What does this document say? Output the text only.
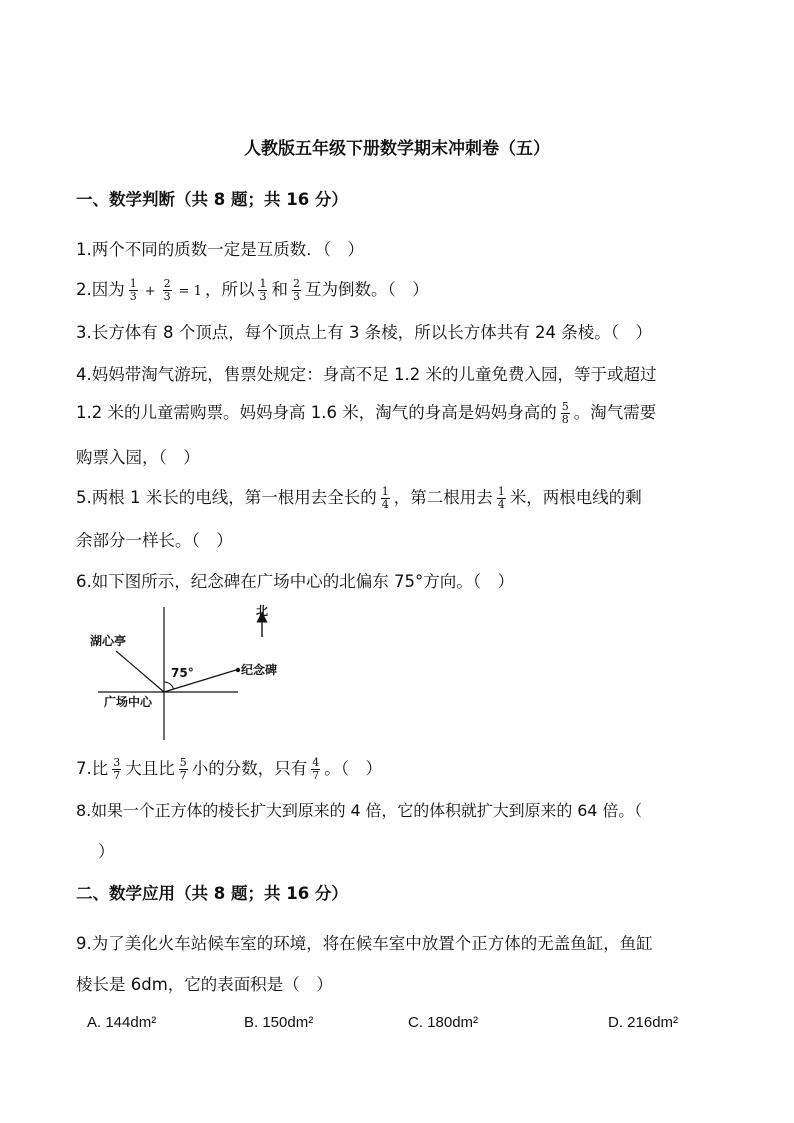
人教版五年级下册数学期末冲刺卷（五）
一、数学判断（共 8 题；共 16 分）
1.两个不同的质数一定是互质数．（　）
2.因为 $\frac{1}{3} + \frac{2}{3} = 1$ ，所以 $\frac{1}{3}$ 和 $\frac{2}{3}$ 互为倒数。（　）
3.长方体有 8 个顶点，每个顶点上有 3 条棱，所以长方体共有 24 条棱。（　）
4.妈妈带淘气游玩，售票处规定：身高不足 1.2 米的儿童免费入园，等于或超过
1.2 米的儿童需购票。妈妈身高 1.6 米，淘气的身高是妈妈身高的 $\frac{5}{8}$ 。淘气需要
购票入园，（　）
5.两根 1 米长的电线，第一根用去全长的 $\frac{1}{4}$ ，第二根用去 $\frac{1}{4}$ 米，两根电线的剩
余部分一样长。（　）
6.如下图所示，纪念碑在广场中心的北偏东 75°方向。（　）
北
湖心亭
75°	纪念碑
广场中心
7.比 $\frac{3}{7}$ 大且比 $\frac{5}{7}$ 小的分数，只有 $\frac{4}{7}$ 。（　）
8.如果一个正方体的棱长扩大到原来的 4 倍，它的体积就扩大到原来的 64 倍。（
）
二、数学应用（共 8 题；共 16 分）
9.为了美化火车站候车室的环境，将在候车室中放置个正方体的无盖鱼缸，鱼缸
棱长是 6dm，它的表面积是（　）
A. 144dm²	B. 150dm²	C. 180dm²	D. 216dm²
